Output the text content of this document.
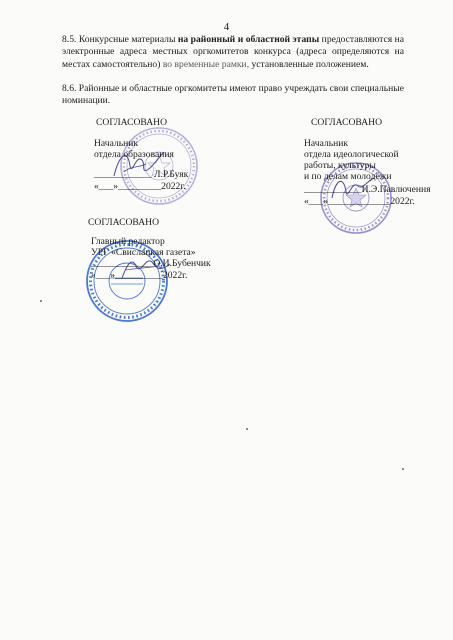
4
8.5. Конкурсные материалы на районный и областной этапы предоставляются на электронные адреса местных оргкомитетов конкурса (адреса определяются на местах самостоятельно) во временные рамки, установленные положением.
8.6. Районные и областные оргкомитеты имеют право учреждать свои специальные номинации.
СОГЛАСОВАНО
Начальник
отдела образования
____________ Л.Р.Буяк
«___»_________2022г.
СОГЛАСОВАНО
Начальник
отдела идеологической
работы, культуры
и по делам молодёжи
____________И.Э.Павлючення
«___»_____________2022г.
СОГЛАСОВАНО
Главный редактор
УРГ «Свислацкая газета»
_____________О.И.Бубенчик
«___»__________2022г.
